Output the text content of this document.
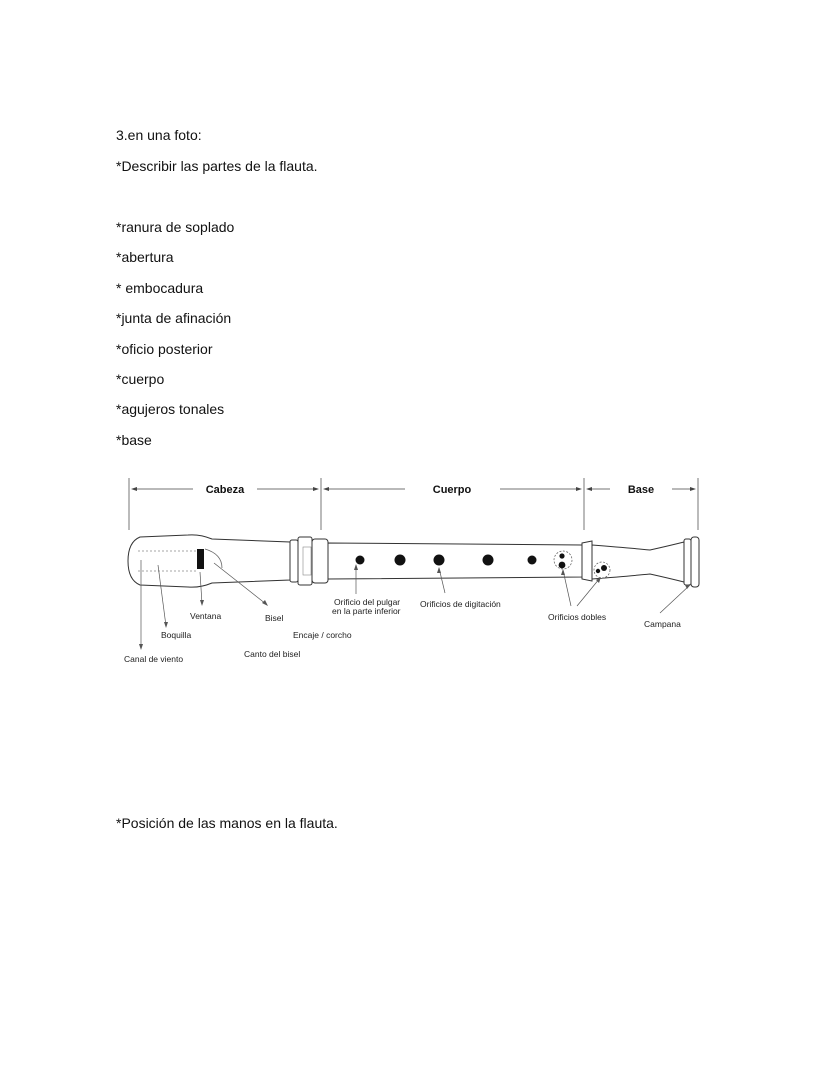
3.en una foto:
*Describir las partes de la flauta.
*ranura de soplado
*abertura
* embocadura
*junta de afinación
*oficio posterior
*cuerpo
*agujeros tonales
*base
Cabeza	Cuerpo	Base
Ventana	Bisel
Boquilla	Encaje / corcho
Canto del bisel
Canal de viento
Orificio del pulgar
en la parte inferior
Orificios de digitación
Orificios dobles
Campana
*Posición de las manos en la flauta.
